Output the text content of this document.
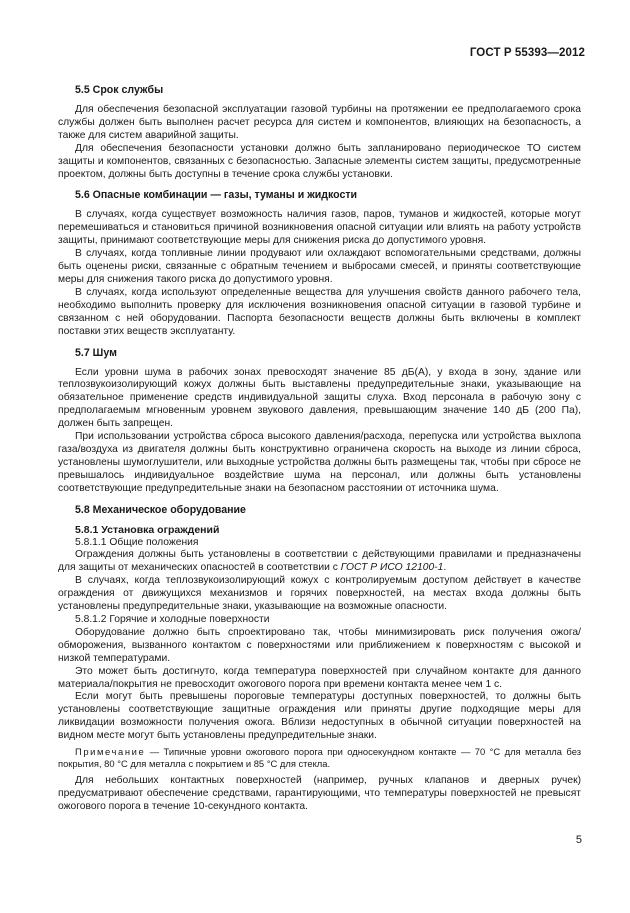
ГОСТ Р 55393—2012
5.5 Срок службы

Для обеспечения безопасной эксплуатации газовой турбины на протяжении ее предполагаемого срока службы должен быть выполнен расчет ресурса для систем и компонентов, влияющих на безопасность, а также для систем аварийной защиты.

Для обеспечения безопасности установки должно быть запланировано периодическое ТО систем защиты и компонентов, связанных с безопасностью. Запасные элементы систем защиты, предусмотренные проектом, должны быть доступны в течение срока службы установки.

5.6 Опасные комбинации — газы, туманы и жидкости

В случаях, когда существует возможность наличия газов, паров, туманов и жидкостей, которые могут перемешиваться и становиться причиной возникновения опасной ситуации или влиять на работу устройств защиты, принимают соответствующие меры для снижения риска до допустимого уровня.

В случаях, когда топливные линии продувают или охлаждают вспомогательными средствами, должны быть оценены риски, связанные с обратным течением и выбросами смесей, и приняты соответствующие меры для снижения такого риска до допустимого уровня.

В случаях, когда используют определенные вещества для улучшения свойств данного рабочего тела, необходимо выполнить проверку для исключения возникновения опасной ситуации в газовой турбине и связанном с ней оборудовании. Паспорта безопасности веществ должны быть включены в комплект поставки этих веществ эксплуатанту.

5.7 Шум

Если уровни шума в рабочих зонах превосходят значение 85 дБ(А), у входа в зону, здание или теплозвукоизолирующий кожух должны быть выставлены предупредительные знаки, указывающие на обязательное применение средств индивидуальной защиты слуха. Вход персонала в рабочую зону с предполагаемым мгновенным уровнем звукового давления, превышающим значение 140 дБ (200 Па), должен быть запрещен.

При использовании устройства сброса высокого давления/расхода, перепуска или устройства выхлопа газа/воздуха из двигателя должны быть конструктивно ограничена скорость на выходе из линии сброса, установлены шумоглушители, или выходные устройства должны быть размещены так, чтобы при сбросе не превышалось индивидуальное воздействие шума на персонал, или должны быть установлены соответствующие предупредительные знаки на безопасном расстоянии от источника шума.

5.8 Механическое оборудование
5.8.1 Установка ограждений

5.8.1.1 Общие положения

Ограждения должны быть установлены в соответствии с действующими правилами и предназначены для защиты от механических опасностей в соответствии с ГОСТ Р ИСО 12100-1.

В случаях, когда теплозвукоизолирующий кожух с контролируемым доступом действует в качестве ограждения от движущихся механизмов и горячих поверхностей, на местах входа должны быть установлены предупредительные знаки, указывающие на возможные опасности.

5.8.1.2 Горячие и холодные поверхности

Оборудование должно быть спроектировано так, чтобы минимизировать риск получения ожога/обморожения, вызванного контактом с поверхностями или приближением к поверхностям с высокой и низкой температурами.

Это может быть достигнуто, когда температура поверхностей при случайном контакте для данного материала/покрытия не превосходит ожогового порога при времени контакта менее чем 1 с.

Если могут быть превышены пороговые температуры доступных поверхностей, то должны быть установлены соответствующие защитные ограждения или приняты другие подходящие меры для ликвидации возможности получения ожога. Вблизи недоступных в обычной ситуации поверхностей на видном месте могут быть установлены предупредительные знаки.

Примечание — Типичные уровни ожогового порога при односекундном контакте — 70 °С для металла без покрытия, 80 °С для металла с покрытием и 85 °С для стекла.

Для небольших контактных поверхностей (например, ручных клапанов и дверных ручек) предусматривают обеспечение средствами, гарантирующими, что температуры поверхностей не превысят ожогового порога в течение 10-секундного контакта.

5
